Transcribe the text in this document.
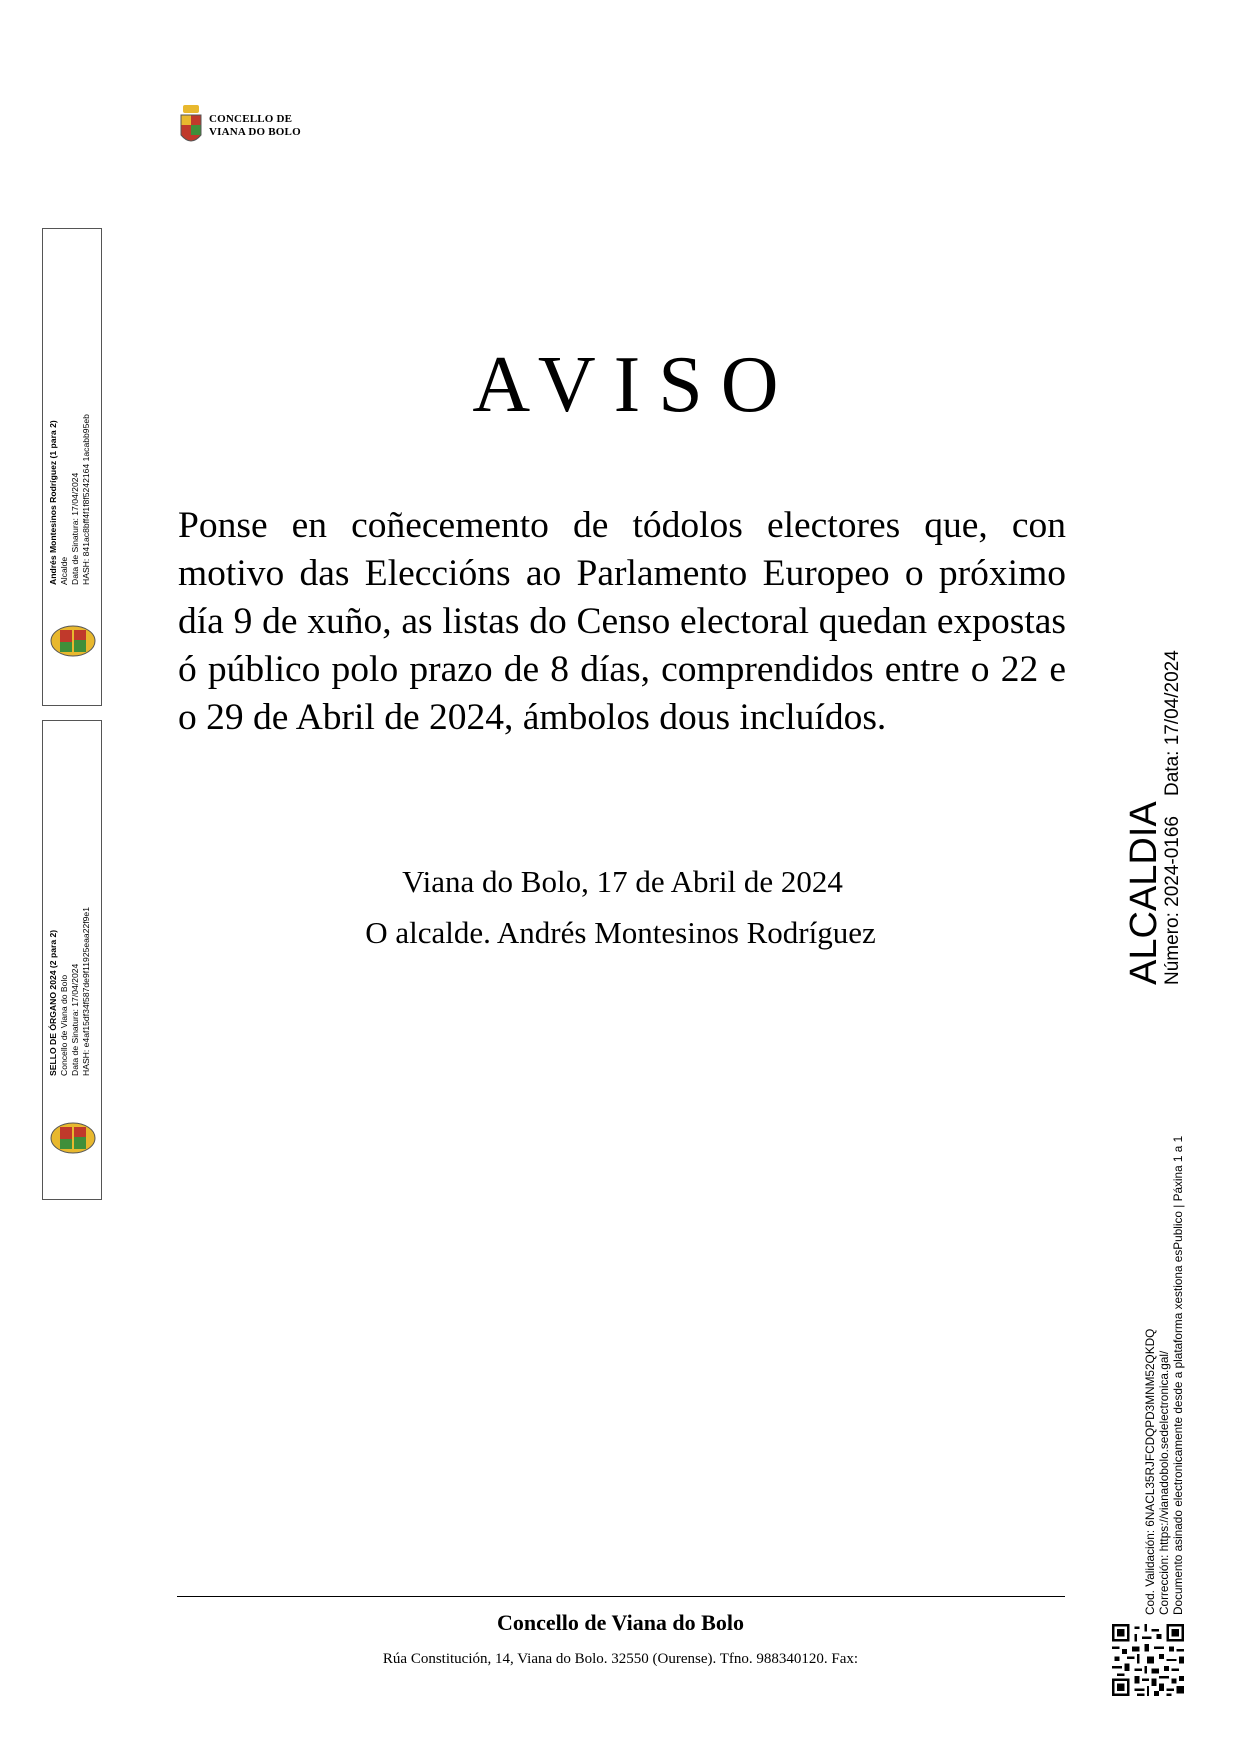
CONCELLO DE
VIANA DO BOLO
Andrés Montesinos Rodríguez (1 para 2) Alcalde Data de Sinatura: 17/04/2024 HASH: 841ac8bff4f1f8f5242164 1acabb95eb
SELLO DE ÓRGANO 2024 (2 para 2) Concello de Viana do Bolo Data de Sinatura: 17/04/2024 HASH: e4af15df34f587de9f11925eaa22f9e1
AVISO
Ponse en coñecemento de tódolos electores que, con motivo das Eleccións ao Parlamento Europeo o próximo día 9 de xuño, as listas do Censo electoral quedan expostas ó público polo prazo de 8 días, comprendidos entre o 22 e o 29 de Abril de 2024, ámbolos dous incluídos.
Viana do Bolo, 17 de Abril de 2024
O alcalde. Andrés Montesinos Rodríguez	ALCALDIA
Número: 2024-0166Data: 17/04/2024
Cod. Validación: 6NACL35RJFCDQPD3MNM52QKDQ Corrección: https://vianadobolo.sedelectronica.gal/ Documento asinado electronicamente desde a plataforma xestiona esPublico | Páxina 1 a 1
Concello de Viana do Bolo
Rúa Constitución, 14, Viana do Bolo. 32550 (Ourense). Tfno. 988340120. Fax:
